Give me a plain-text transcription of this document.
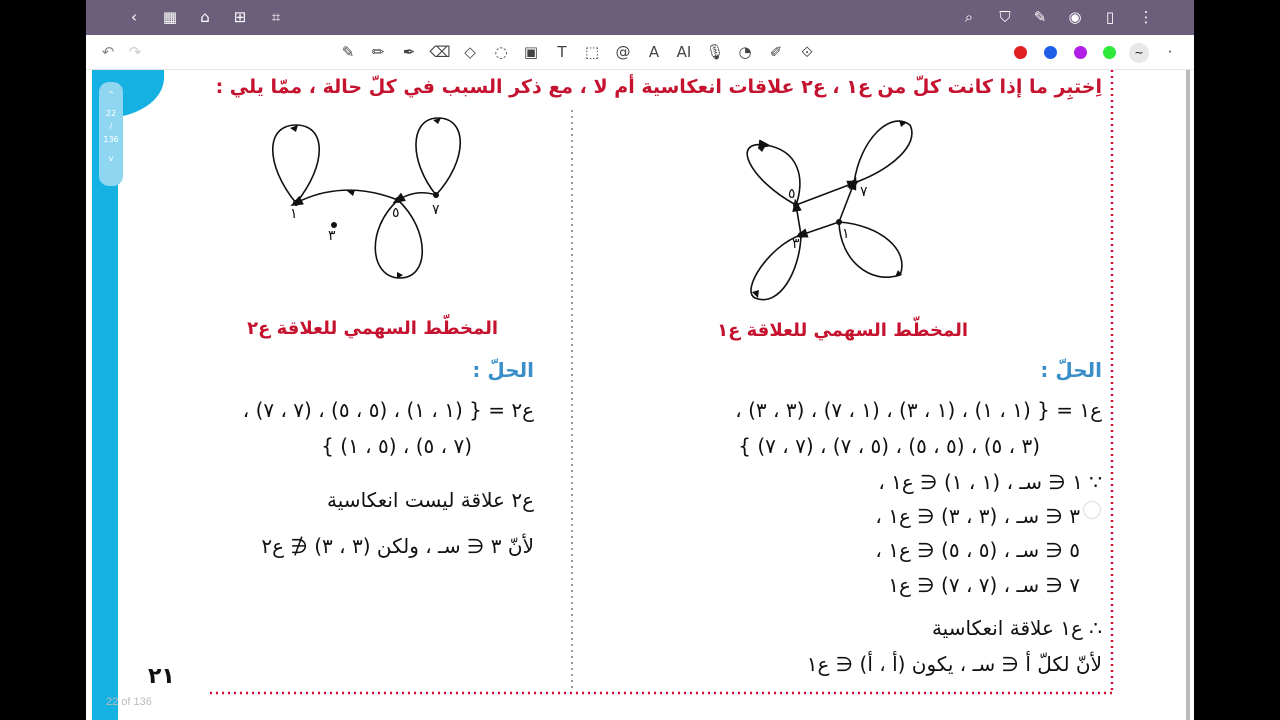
‹	▦	⌂	⊞	⌗	⌕	⛉ ✎ ◉	▯	⋮
↶ ↷	✎	✏	✒ ⌫ ◇	◌ ▣	T	⬚ @	A	AI 🎙 ◔	✐	⟐	~	·
^
22
/
136
v
اِختبِر ما إذا كانت كلّ من ع١ ، ع٢ علاقات انعكاسية أم لا ، مع ذكر السبب في كلّ حالة ، ممّا يلي :
٥	٧
٣
١
١
٣
٥ ٧
المخطّط السهمي للعلاقة ع١
المخطّط السهمي للعلاقة ع٢
الحلّ :
الحلّ :
ع١ = { (١ ، ١) ، (١ ، ٣) ، (١ ، ٧) ، (٣ ، ٣) ،
(٣ ، ٥) ، (٥ ، ٥) ، (٥ ، ٧) ، (٧ ، ٧) }
∵ ١ ∈ سـ ، (١ ، ١) ∈ ع١ ،
٣ ∈ سـ ، (٣ ، ٣) ∈ ع١ ،
٥ ∈ سـ ، (٥ ، ٥) ∈ ع١ ،
٧ ∈ سـ ، (٧ ، ٧) ∈ ع١
∴ ع١ علاقة انعكاسية
لأنّ لكلّ أ ∈ سـ ، يكون (أ ، أ) ∈ ع١
ع٢ = { (١ ، ١) ، (٥ ، ٥) ، (٧ ، ٧) ،
(٧ ، ٥) ، (٥ ، ١) }
ع٢ علاقة ليست انعكاسية
لأنّ ٣ ∈ سـ ، ولكن (٣ ، ٣) ∉ ع٢
٢١
22 of 136
